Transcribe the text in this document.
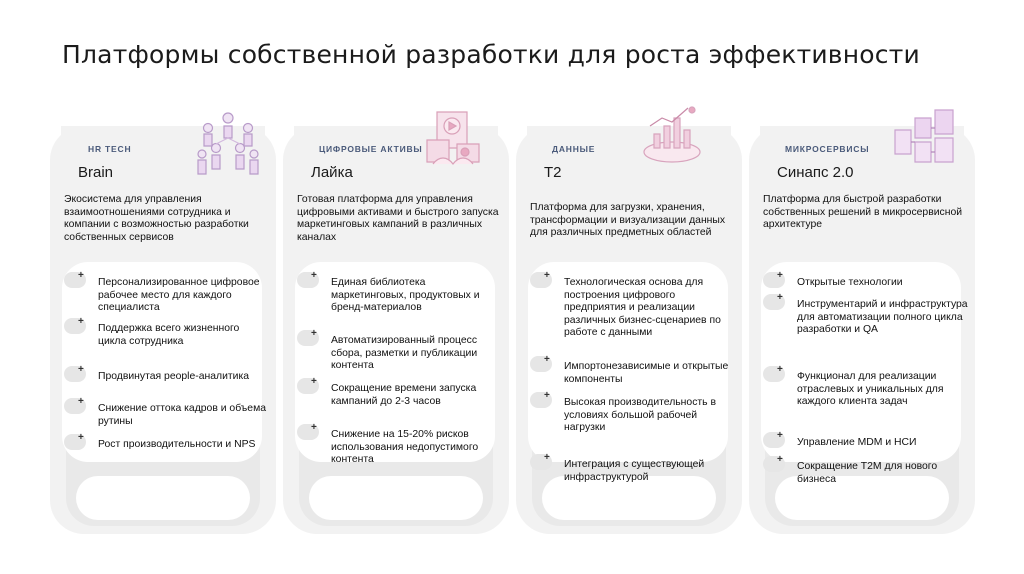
Платформы собственной разработки для роста эффективности
HR TECH
Brain
Экосистема для управления взаимоотношениями сотрудника и компании с возможностью разработки собственных сервисов
+
Персонализированное цифровое рабочее место для каждого специалиста
+
Поддержка всего жизненного цикла сотрудника
+
Продвинутая people-аналитика
+
Снижение оттока кадров и объема рутины
+
Рост производительности и NPS
ЦИФРОВЫЕ АКТИВЫ
Лайка
Готовая платформа для управления цифровыми активами и быстрого запуска маркетинговых кампаний в различных каналах
+
Единая библиотека маркетинговых, продуктовых и бренд-материалов
+
Автоматизированный процесс сбора, разметки и публикации контента
+
Сокращение времени запуска кампаний до 2-3 часов
+
Снижение на 15-20% рисков использования недопустимого контента
ДАННЫЕ
Т2
Платформа для загрузки, хранения, трансформации и визуализации данных для различных предметных областей
+
Технологическая основа для построения цифрового предприятия и реализации различных бизнес-сценариев по работе с данными
+
Импортонезависимые и открытые компоненты
+
Высокая производительность в условиях большой рабочей нагрузки
+
Интеграция с существующей инфраструктурой
МИКРОСЕРВИСЫ
Синапс 2.0
Платформа для быстрой разработки собственных решений в микросервисной архитектуре
+
Открытые технологии
+
Инструментарий и инфраструктура для автоматизации полного цикла разработки и QA
+
Функционал для реализации отраслевых и уникальных для каждого клиента задач
+
Управление MDM и НСИ
+
Сокращение T2M для нового бизнеса
